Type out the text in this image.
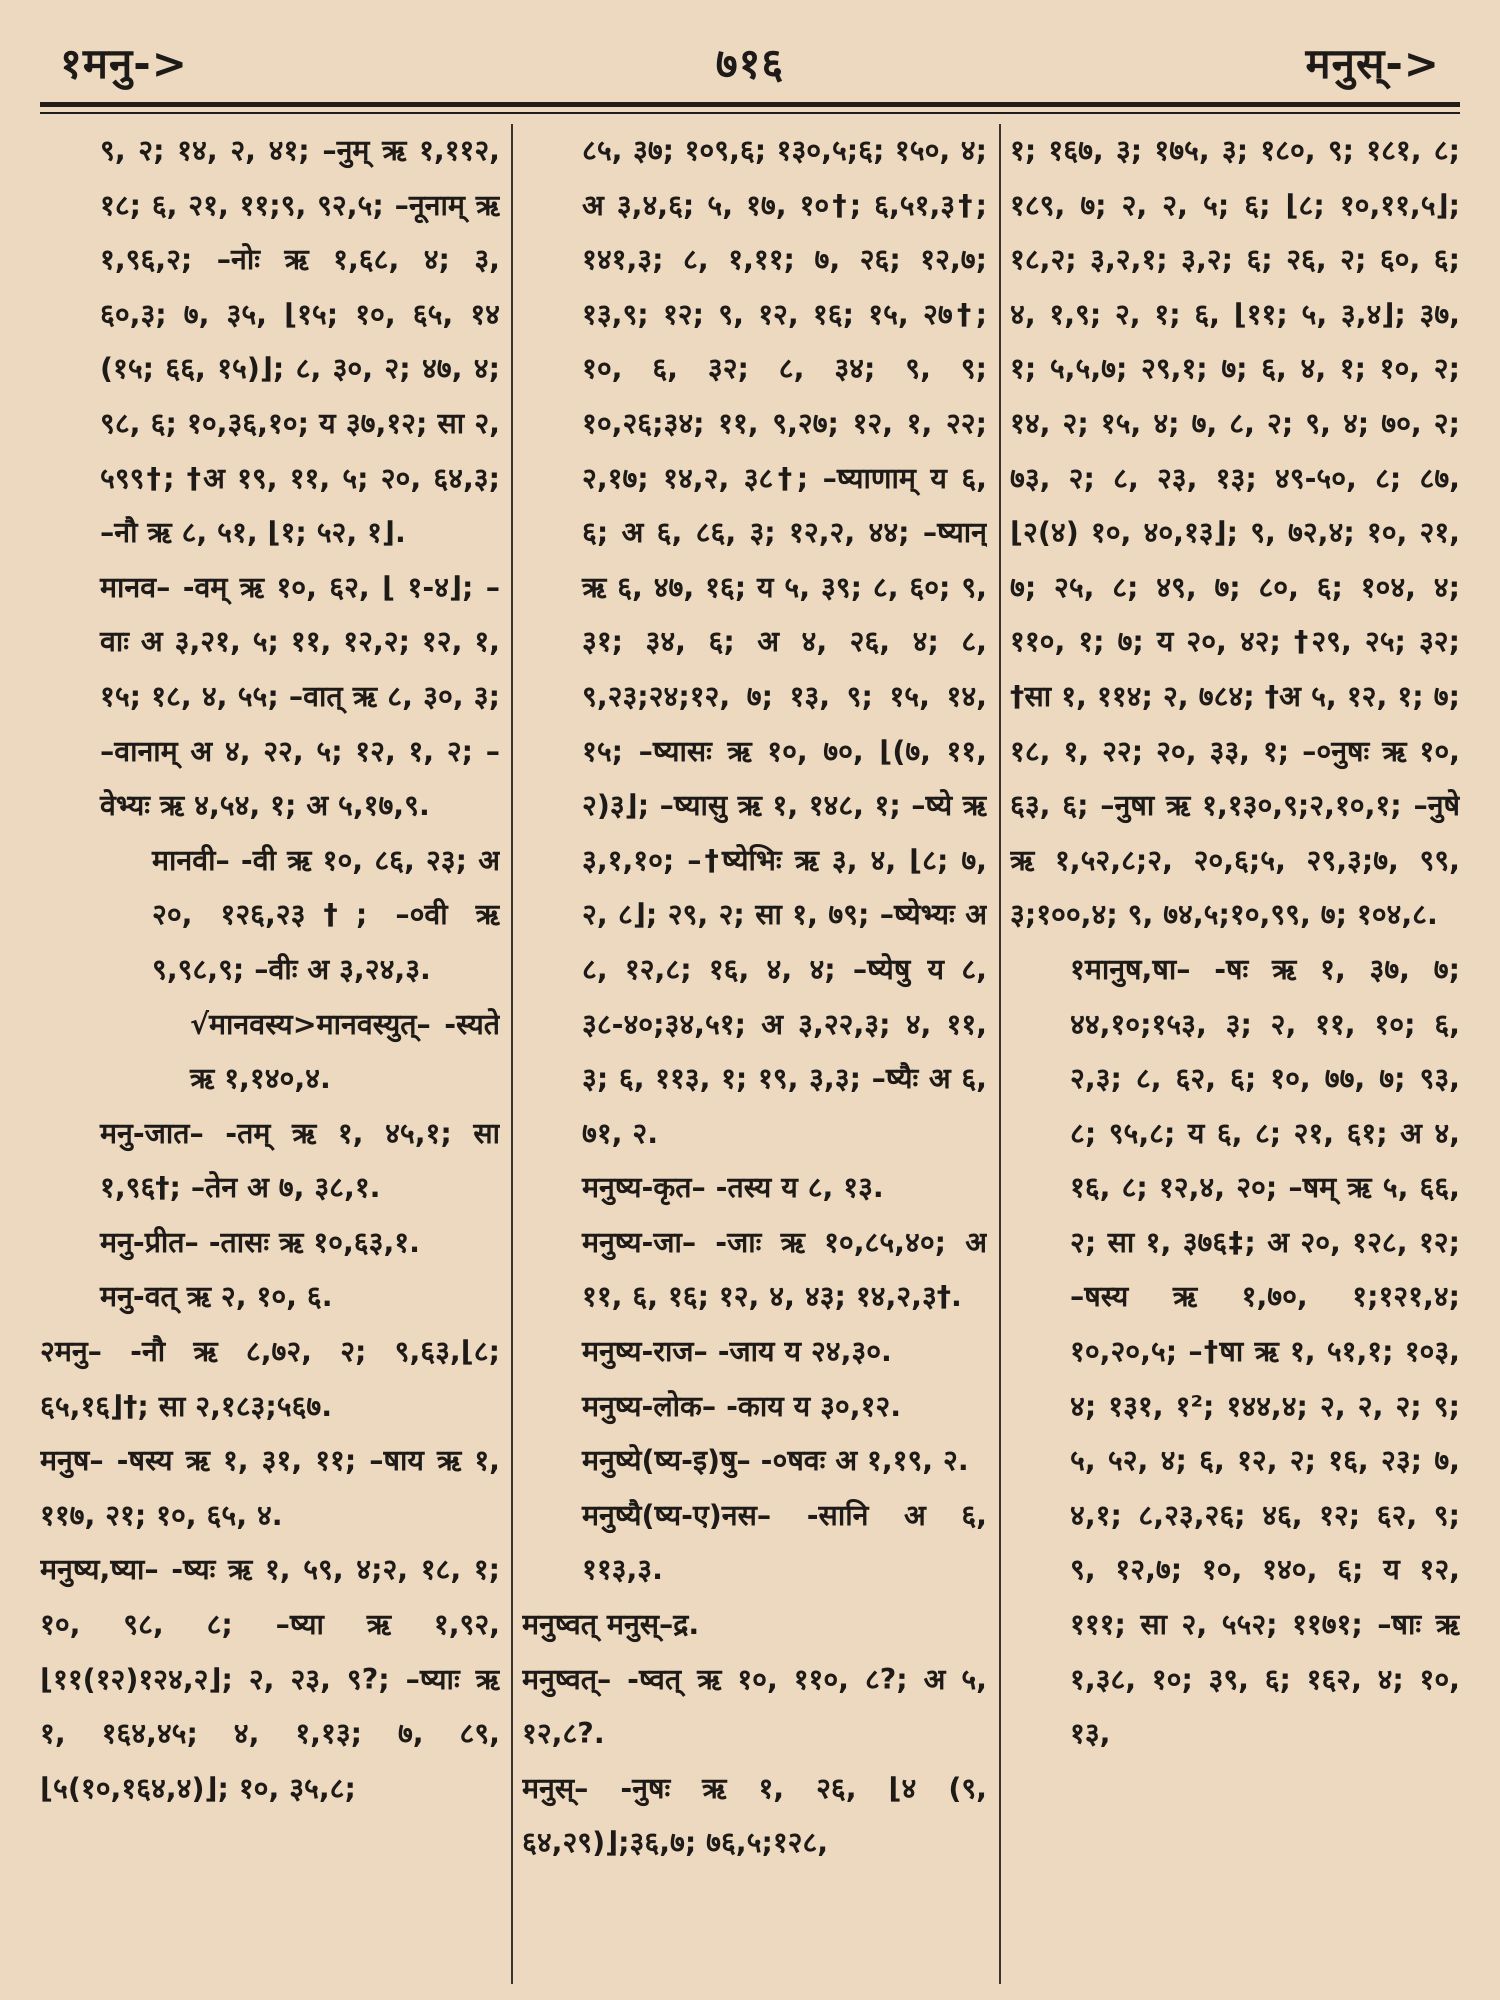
१मनु->	७१६	मनुस्->

९, २; १४, २, ४१; –नुम् ऋ १,११२, १८; ६, २१, ११;९, ९२,५; –नूनाम् ऋ १,९६,२; –नोः ऋ १,६८, ४; ३, ६०,३; ७, ३५, ⌊१५; १०, ६५, १४ (१५; ६६, १५)⌋; ८, ३०, २; ४७, ४; ९८, ६; १०,३६,१०; य ३७,१२; सा २, ५९९†; †अ १९, ११, ५; २०, ६४,३; –नौ ऋ ८, ५१, ⌊१; ५२, १⌋.

मानव– -वम् ऋ १०, ६२, ⌊ १-४⌋; –वाः अ ३,२१, ५; ११, १२,२; १२, १, १५; १८, ४, ५५; –वात् ऋ ८, ३०, ३; –वानाम् अ ४, २२, ५; १२, १, २; –वेभ्यः ऋ ४,५४, १; अ ५,१७,९.

मानवी– -वी ऋ १०, ८६, २३; अ २०, १२६,२३†; –०वी ऋ ९,९८,९; –वीः अ ३,२४,३.

√मानवस्य>मानवस्युत्– -स्यते ऋ १,१४०,४.

मनु-जात– -तम् ऋ १, ४५,१; सा १,९६†; –तेन अ ७, ३८,१.

मनु-प्रीत– -तासः ऋ १०,६३,१.

मनु-वत् ऋ २, १०, ६.

२मनु– -नौ ऋ ८,७२, २; ९,६३,⌊८; ६५,१६⌋†; सा २,१८३;५६७.

मनुष– -षस्य ऋ १, ३१, ११; –षाय ऋ १, ११७, २१; १०, ६५, ४.

मनुष्य,ष्या– -ष्यः ऋ १, ५९, ४;२, १८, १; १०, ९८, ८; –ष्या ऋ १,९२, ⌊११(१२)१२४,२⌋; २, २३, ९?; –ष्याः ऋ १, १६४,४५; ४, १,१३; ७, ८९, ⌊५(१०,१६४,४)⌋; १०, ३५,८;

८५, ३७; १०९,६; १३०,५;६; १५०, ४; अ ३,४,६; ५, १७, १०†; ६,५१,३†; १४१,३; ८, १,११; ७, २६; १२,७; १३,९; १२; ९, १२, १६; १५, २७†; १०, ६, ३२; ८, ३४; ९, ९; १०,२६;३४; ११, ९,२७; १२, १, २२; २,१७; १४,२, ३८†; –ष्याणाम् य ६, ६; अ ६, ८६, ३; १२,२, ४४; –ष्यान् ऋ ६, ४७, १६; य ५, ३९; ८, ६०; ९, ३१; ३४, ६; अ ४, २६, ४; ८, ९,२३;२४;१२, ७; १३, ९; १५, १४, १५; –ष्यासः ऋ १०, ७०, ⌊(७, ११, २)३⌋; –ष्यासु ऋ १, १४८, १; –ष्ये ऋ ३,१,१०; –†ष्येभिः ऋ ३, ४, ⌊८; ७, २, ८⌋; २९, २; सा १, ७९; –ष्येभ्यः अ ८, १२,८; १६, ४, ४; –ष्येषु य ८, ३८-४०;३४,५१; अ ३,२२,३; ४, ११, ३; ६, ११३, १; १९, ३,३; –ष्यैः अ ६, ७१, २.

मनुष्य-कृत– -तस्य य ८, १३.

मनुष्य-जा– -जाः ऋ १०,८५,४०; अ ११, ६, १६; १२, ४, ४३; १४,२,३†.

मनुष्य-राज– -जाय य २४,३०.

मनुष्य-लोक– -काय य ३०,१२.

मनुष्ये(ष्य-इ)षु– -०षवः अ १,१९, २.

मनुष्यै(ष्य-ए)नस– -सानि अ ६, ११३,३.

मनुष्वत् मनुस्–द्र.

मनुष्वत्– -ष्वत् ऋ १०, ११०, ८?; अ ५, १२,८?.

मनुस्– -नुषः ऋ १, २६, ⌊४ (९, ६४,२९)⌋;३६,७; ७६,५;१२८,

१; १६७, ३; १७५, ३; १८०, ९; १८१, ८; १८९, ७; २, २, ५; ६; ⌊८; १०,११,५⌋; १८,२; ३,२,१; ३,२; ६; २६, २; ६०, ६; ४, १,९; २, १; ६, ⌊११; ५, ३,४⌋; ३७, १; ५,५,७; २९,१; ७; ६, ४, १; १०, २; १४, २; १५, ४; ७, ८, २; ९, ४; ७०, २; ७३, २; ८, २३, १३; ४९-५०, ८; ८७, ⌊२(४) १०, ४०,१३⌋; ९, ७२,४; १०, २१, ७; २५, ८; ४९, ७; ८०, ६; १०४, ४; ११०, १; ७; य २०, ४२; †२९, २५; ३२; †सा १, ११४; २, ७८४; †अ ५, १२, १; ७; १८, १, २२; २०, ३३, १; –०नुषः ऋ १०, ६३, ६; –नुषा ऋ १,१३०,९;२,१०,१; –नुषे ऋ १,५२,८;२, २०,६;५, २९,३;७, ९९, ३;१००,४; ९, ७४,५;१०,९९, ७; १०४,८.

१मानुष,षा– -षः ऋ १, ३७, ७; ४४,१०;१५३, ३; २, ११, १०; ६, २,३; ८, ६२, ६; १०, ७७, ७; ९३, ८; ९५,८; य ६, ८; २१, ६१; अ ४, १६, ८; १२,४, २०; –षम् ऋ ५, ६६, २; सा १, ३७६‡; अ २०, १२८, १२; –षस्य ऋ १,७०, १;१२१,४; १०,२०,५; –†षा ऋ १, ५१,१; १०३, ४; १३१, १²; १४४,४; २, २, २; ९; ५, ५२, ४; ६, १२, २; १६, २३; ७, ४,१; ८,२३,२६; ४६, १२; ६२, ९; ९, १२,७; १०, १४०, ६; य १२, १११; सा २, ५५२; ११७१; –षाः ऋ १,३८, १०; ३९, ६; १६२, ४; १०, १३,
